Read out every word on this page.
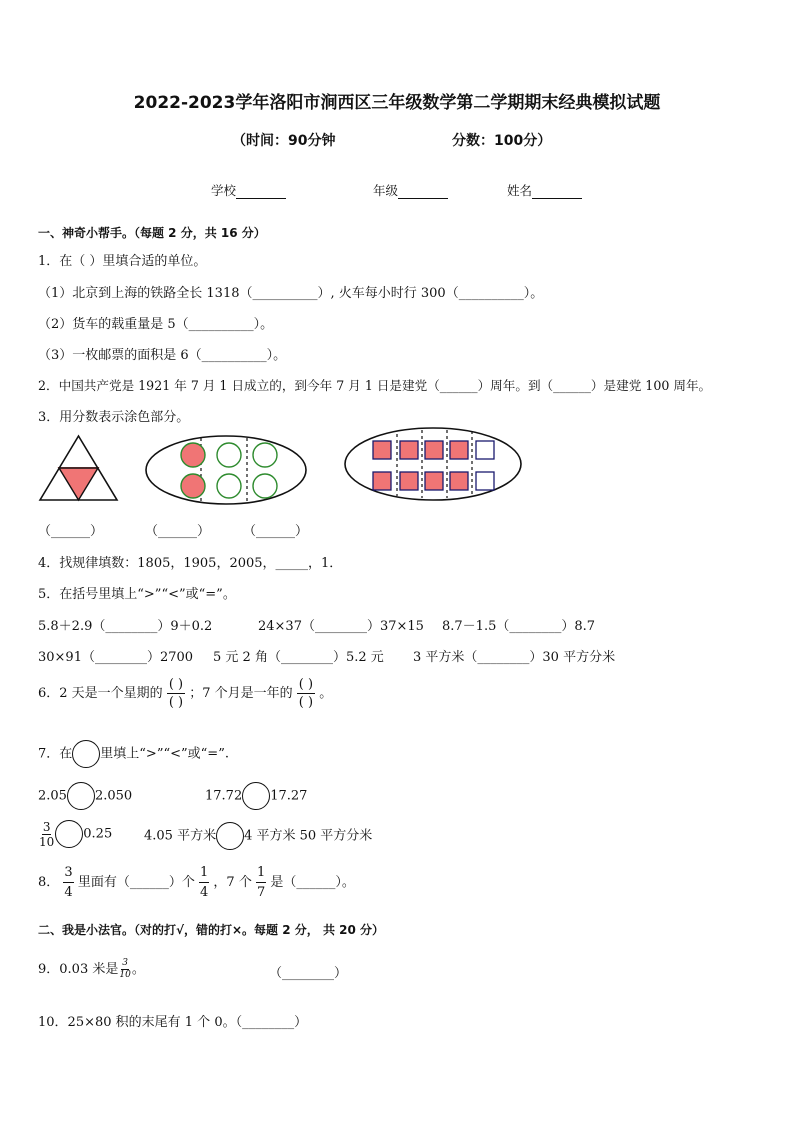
2022-2023学年洛阳市涧西区三年级数学第二学期期末经典模拟试题
（时间：90分钟	分数：100分）
学校	年级	姓名
一、神奇小帮手。（每题 2 分，共 16 分）
1．在（ ）里填合适的单位。
（1）北京到上海的铁路全长 1318（__________）, 火车每小时行 300（__________）。
（2）货车的载重量是 5（__________）。
（3）一枚邮票的面积是 6（__________）。
2．中国共产党是 1921 年 7 月 1 日成立的，到今年 7 月 1 日是建党（______）周年。到（______）是建党 100 周年。
3．用分数表示涂色部分。
（______）	（______）	（______）
4．找规律填数：1805，1905，2005，_____，1．
5．在括号里填上“>”“<”或“=”。
5.8＋2.9（________）9＋0.2	24×37（________）37×15 8.7－1.5（________）8.7
30×91（________）2700 5 元 2 角（________）5.2 元 3 平方米（________）30 平方分米
6．2 天是一个星期的 $\frac{( )}{( )}$ ；7 个月是一年的 $\frac{( )}{( )}$ 。
7．在 里填上“>”“<”或“=”.
2.05 2.050	17.72 17.27
$\frac{3}{10} 0.25$ 4.05 平方米 4 平方米 50 平方分米
8． $\frac{3}{4}$ 里面有（______）个 $\frac{1}{4}$ ，7 个 $\frac{1}{7}$ 是（______）。
二、我是小法官。（对的打√，错的打×。每题 2 分， 共 20 分）
9．0.03 米是 $\frac{3}{10}$ 。	（________）
10．25×80 积的末尾有 1 个 0。（________）
